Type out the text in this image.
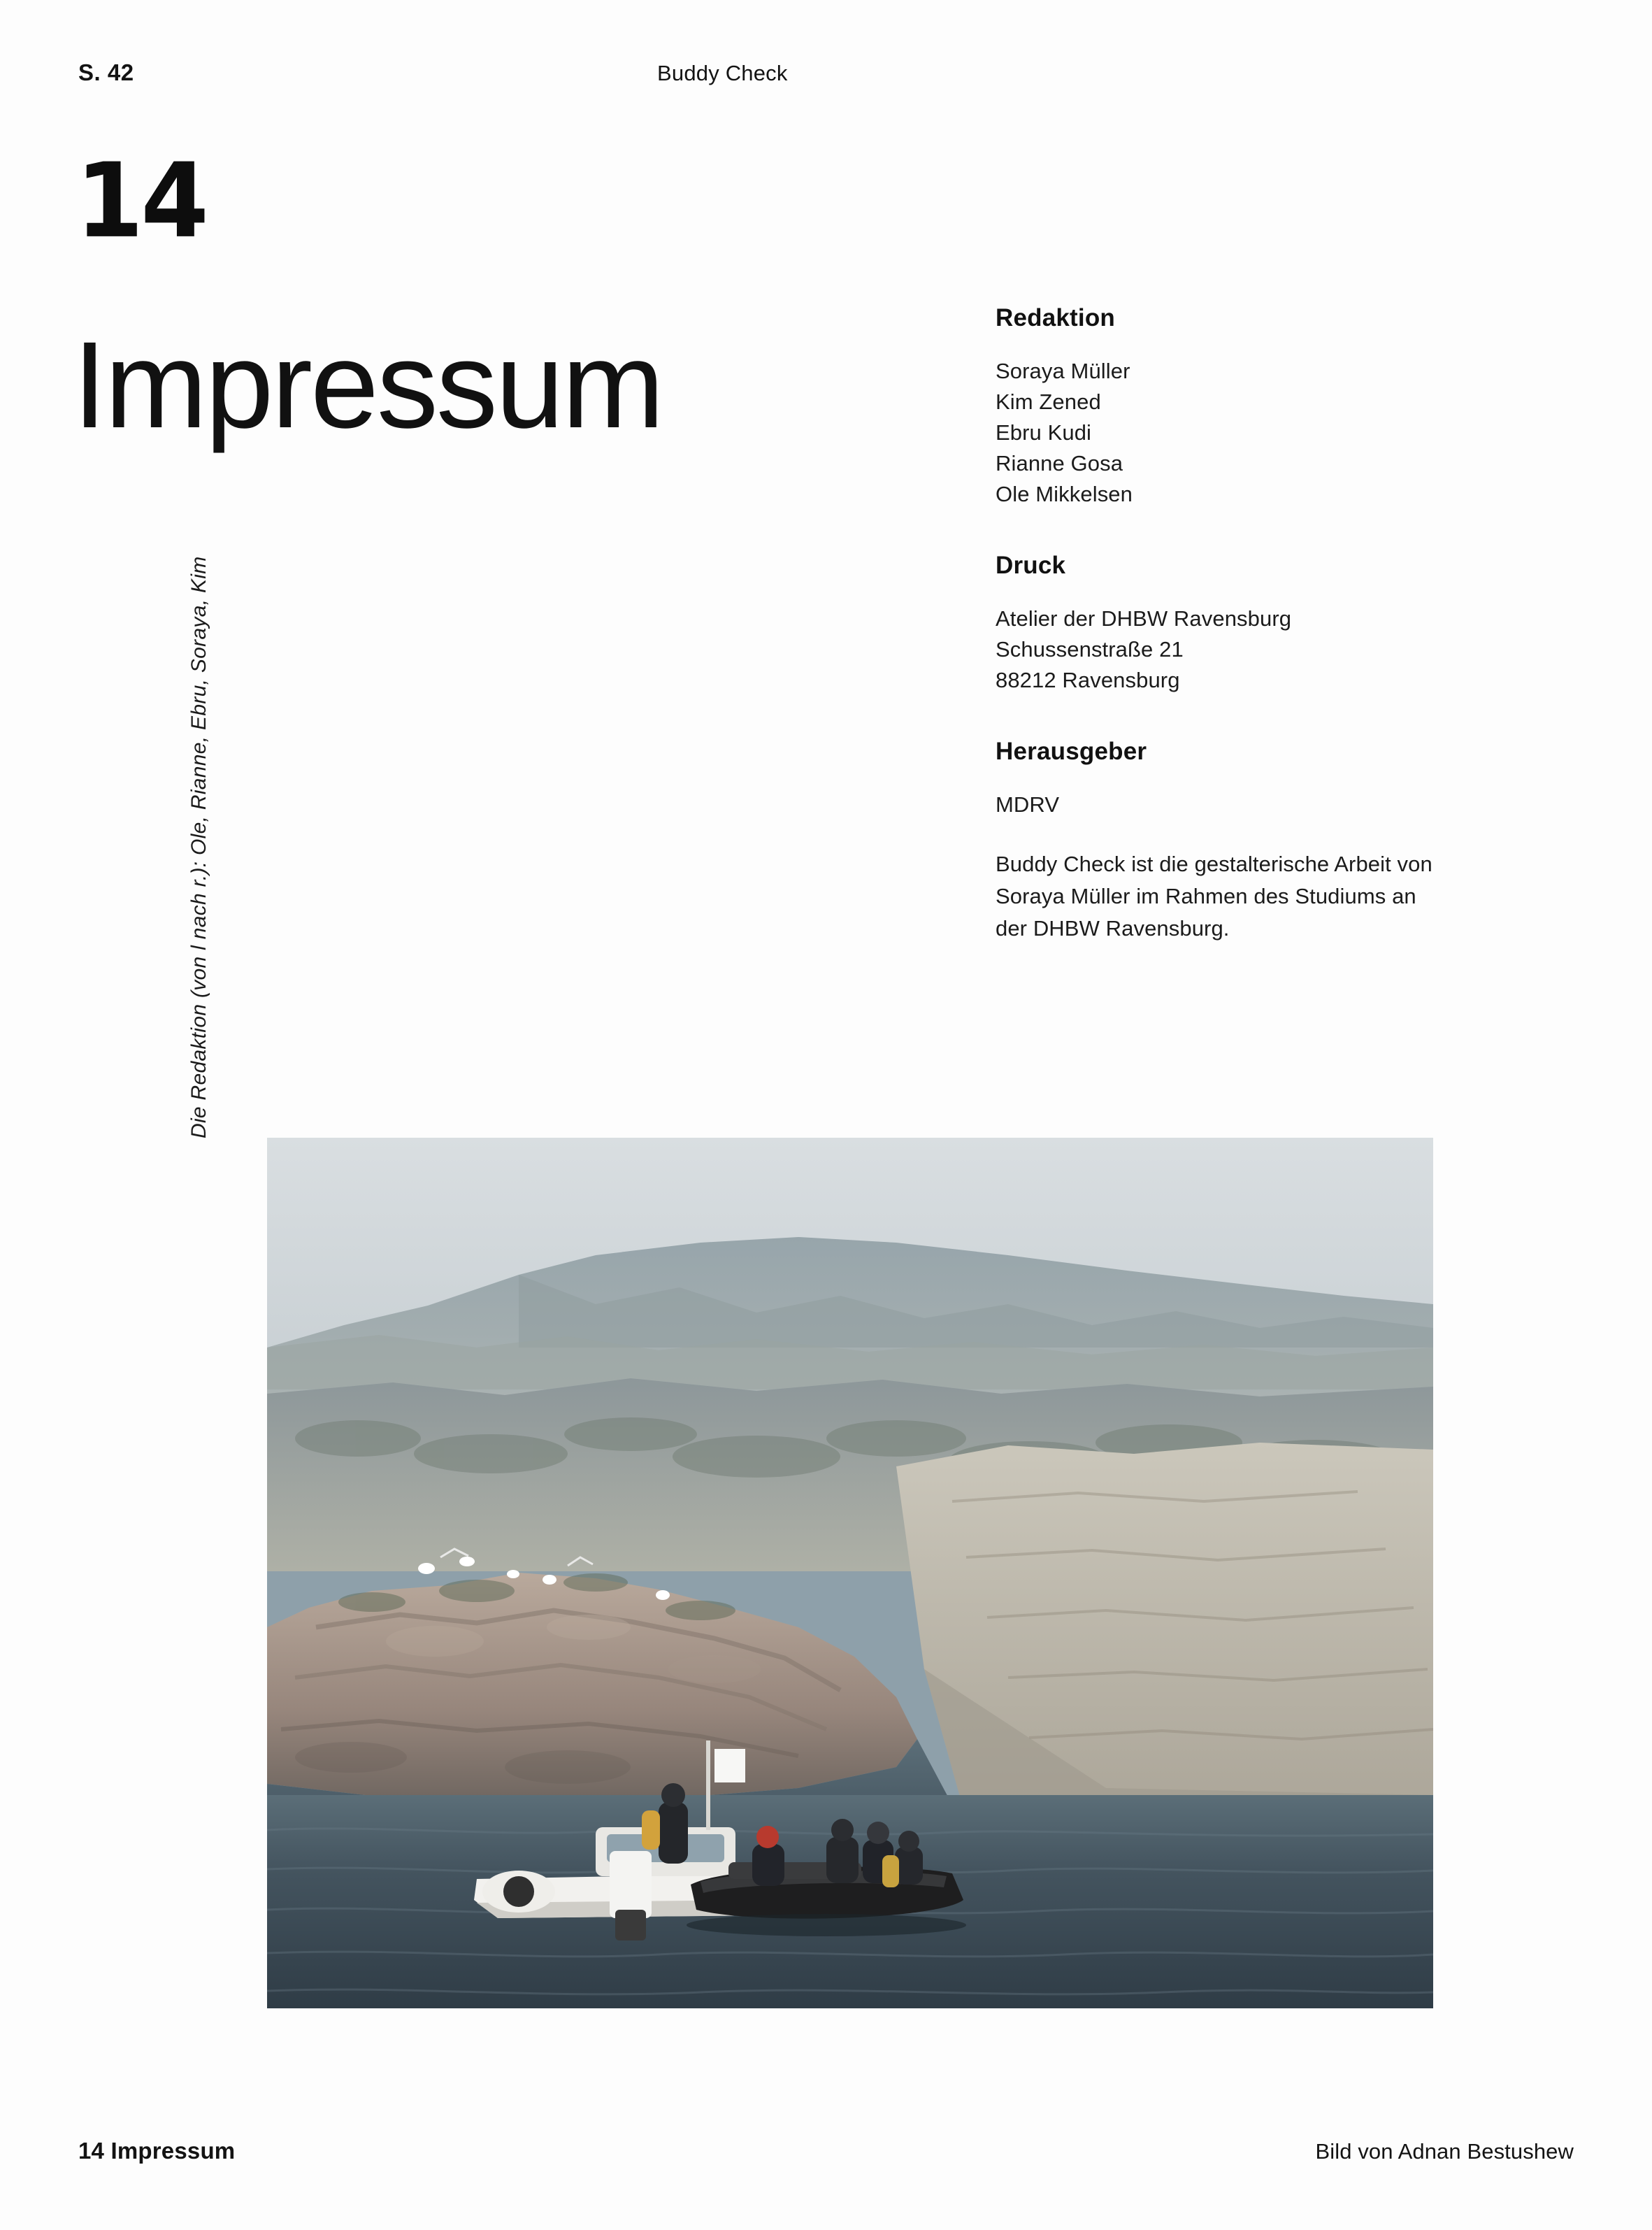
S. 42	Buddy Check
14
Impressum	Redaktion
Soraya Müller
Kim Zened
Ebru Kudi
Rianne Gosa
Ole Mikkelsen
Druck
Atelier der DHBW Ravensburg
Schussenstraße 21
88212 Ravensburg
Herausgeber
MDRV
Buddy Check ist die gestalterische Arbeit von Soraya Müller im Rahmen des Studiums an der DHBW Ravensburg.
Die Redaktion (von l nach r.): Ole, Rianne, Ebru, Soraya, Kim
14 Impressum	Bild von Adnan Bestushew
